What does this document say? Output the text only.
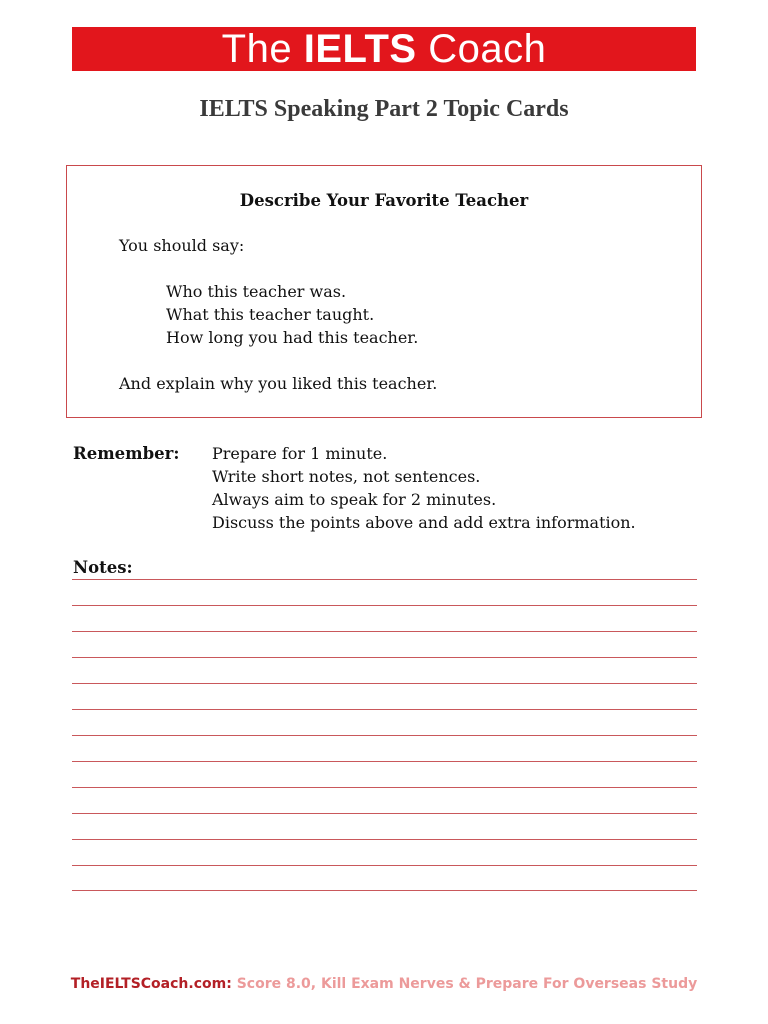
The IELTS Coach
IELTS Speaking Part 2 Topic Cards
Describe Your Favorite Teacher
You should say:
Who this teacher was.
What this teacher taught.
How long you had this teacher.
And explain why you liked this teacher.
Remember: Prepare for 1 minute.
Write short notes, not sentences.
Always aim to speak for 2 minutes.
Discuss the points above and add extra information.
Notes:
TheIELTSCoach.com: Score 8.0, Kill Exam Nerves & Prepare For Overseas Study
